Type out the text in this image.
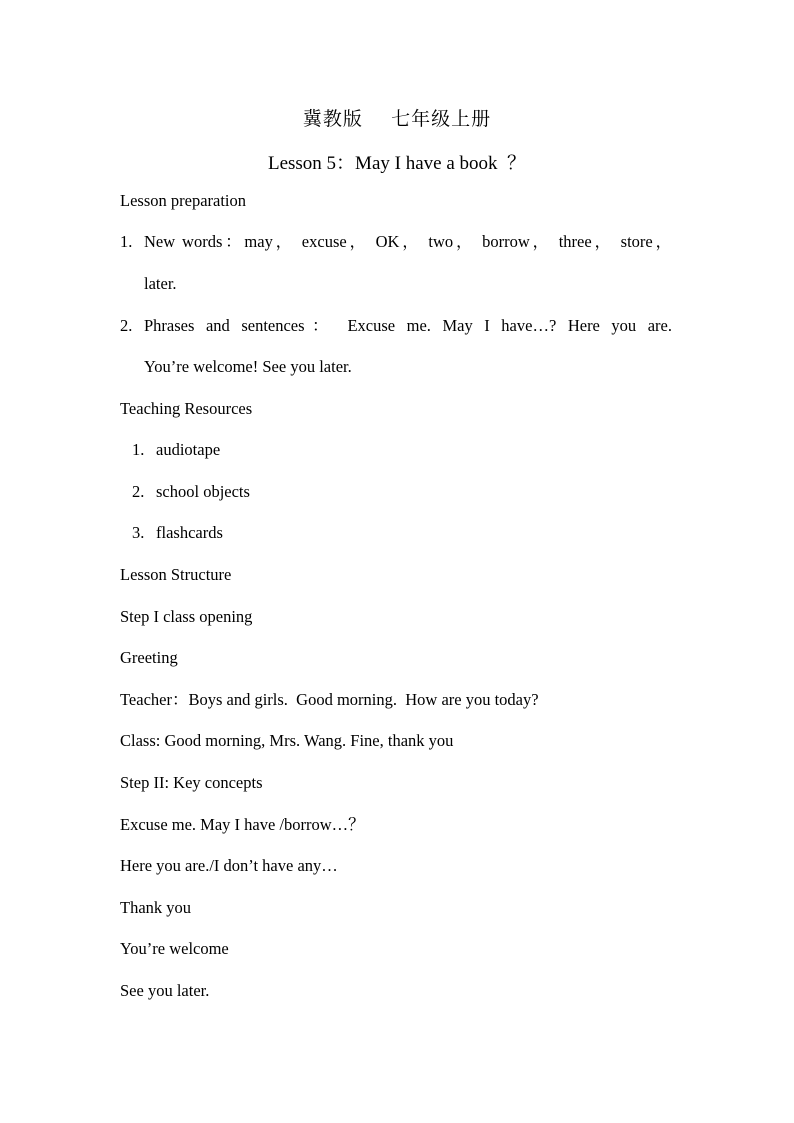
冀教版    七年级上册
Lesson 5：May I have a book  ？
Lesson preparation
1. New words：may， excuse， OK， two， borrow， three， store，
later.
2. Phrases and sentences： Excuse me. May I have…? Here you are.
You’re welcome! See you later.
Teaching Resources
1. audiotape
2. school objects
3. flashcards
Lesson Structure
Step I class opening
Greeting
Teacher：Boys and girls.  Good morning.  How are you today?
Class: Good morning, Mrs. Wang. Fine, thank you
Step II: Key concepts
Excuse me. May I have /borrow…？
Here you are./I don’t have any…
Thank you
You’re welcome
See you later.
